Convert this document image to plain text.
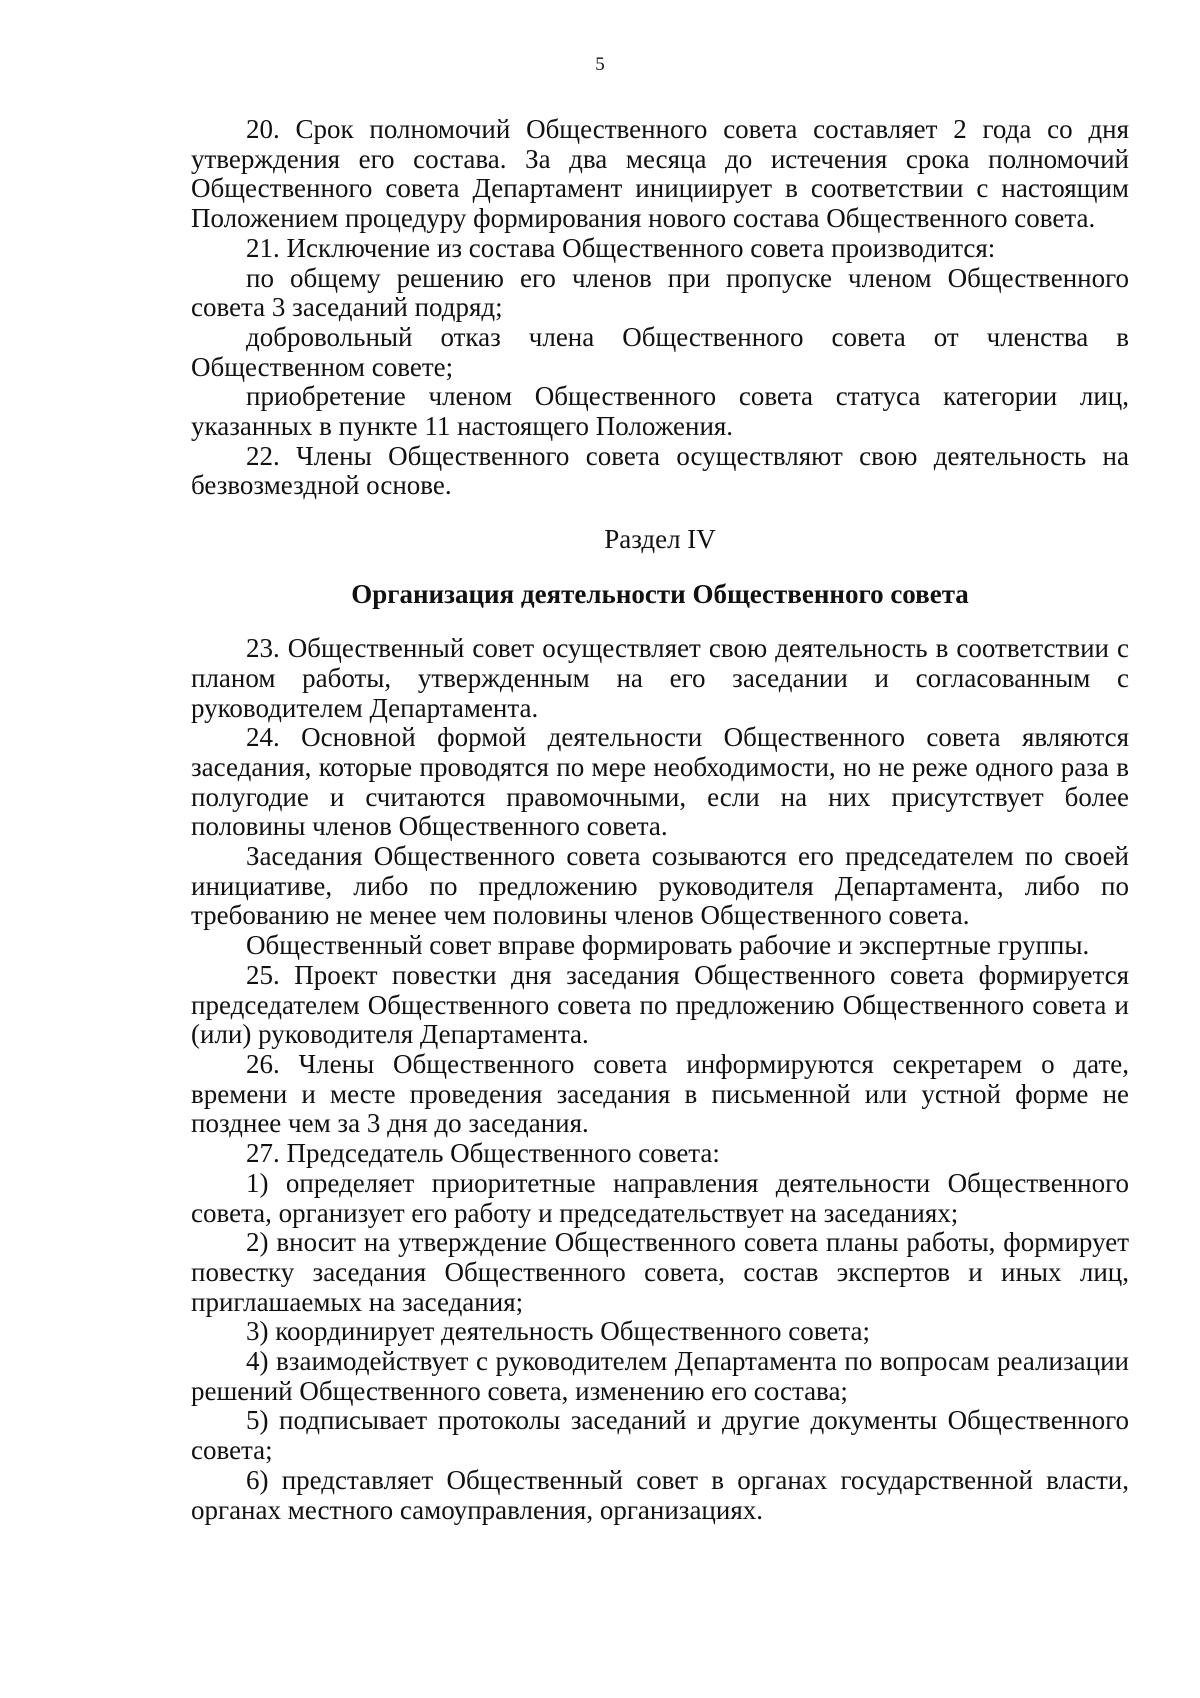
5

20. Срок полномочий Общественного совета составляет 2 года со дня утверждения его состава. За два месяца до истечения срока полномочий Общественного совета Департамент инициирует в соответствии с настоящим Положением процедуру формирования нового состава Общественного совета.

21. Исключение из состава Общественного совета производится:

по общему решению его членов при пропуске членом Общественного совета 3 заседаний подряд;

добровольный отказ члена Общественного совета от членства в Общественном совете;

приобретение членом Общественного совета статуса категории лиц, указанных в пункте 11 настоящего Положения.

22. Члены Общественного совета осуществляют свою деятельность на безвозмездной основе.

Раздел IV
Организация деятельности Общественного совета

23. Общественный совет осуществляет свою деятельность в соответствии с планом работы, утвержденным на его заседании и согласованным с руководителем Департамента.

24. Основной формой деятельности Общественного совета являются заседания, которые проводятся по мере необходимости, но не реже одного раза в полугодие и считаются правомочными, если на них присутствует более половины членов Общественного совета.

Заседания Общественного совета созываются его председателем по своей инициативе, либо по предложению руководителя Департамента, либо по требованию не менее чем половины членов Общественного совета.

Общественный совет вправе формировать рабочие и экспертные группы.

25. Проект повестки дня заседания Общественного совета формируется председателем Общественного совета по предложению Общественного совета и (или) руководителя Департамента.

26. Члены Общественного совета информируются секретарем о дате, времени и месте проведения заседания в письменной или устной форме не позднее чем за 3 дня до заседания.

27. Председатель Общественного совета:

1) определяет приоритетные направления деятельности Общественного совета, организует его работу и председательствует на заседаниях;

2) вносит на утверждение Общественного совета планы работы, формирует повестку заседания Общественного совета, состав экспертов и иных лиц, приглашаемых на заседания;

3) координирует деятельность Общественного совета;

4) взаимодействует с руководителем Департамента по вопросам реализации решений Общественного совета, изменению его состава;

5) подписывает протоколы заседаний и другие документы Общественного совета;

6) представляет Общественный совет в органах государственной власти, органах местного самоуправления, организациях.
